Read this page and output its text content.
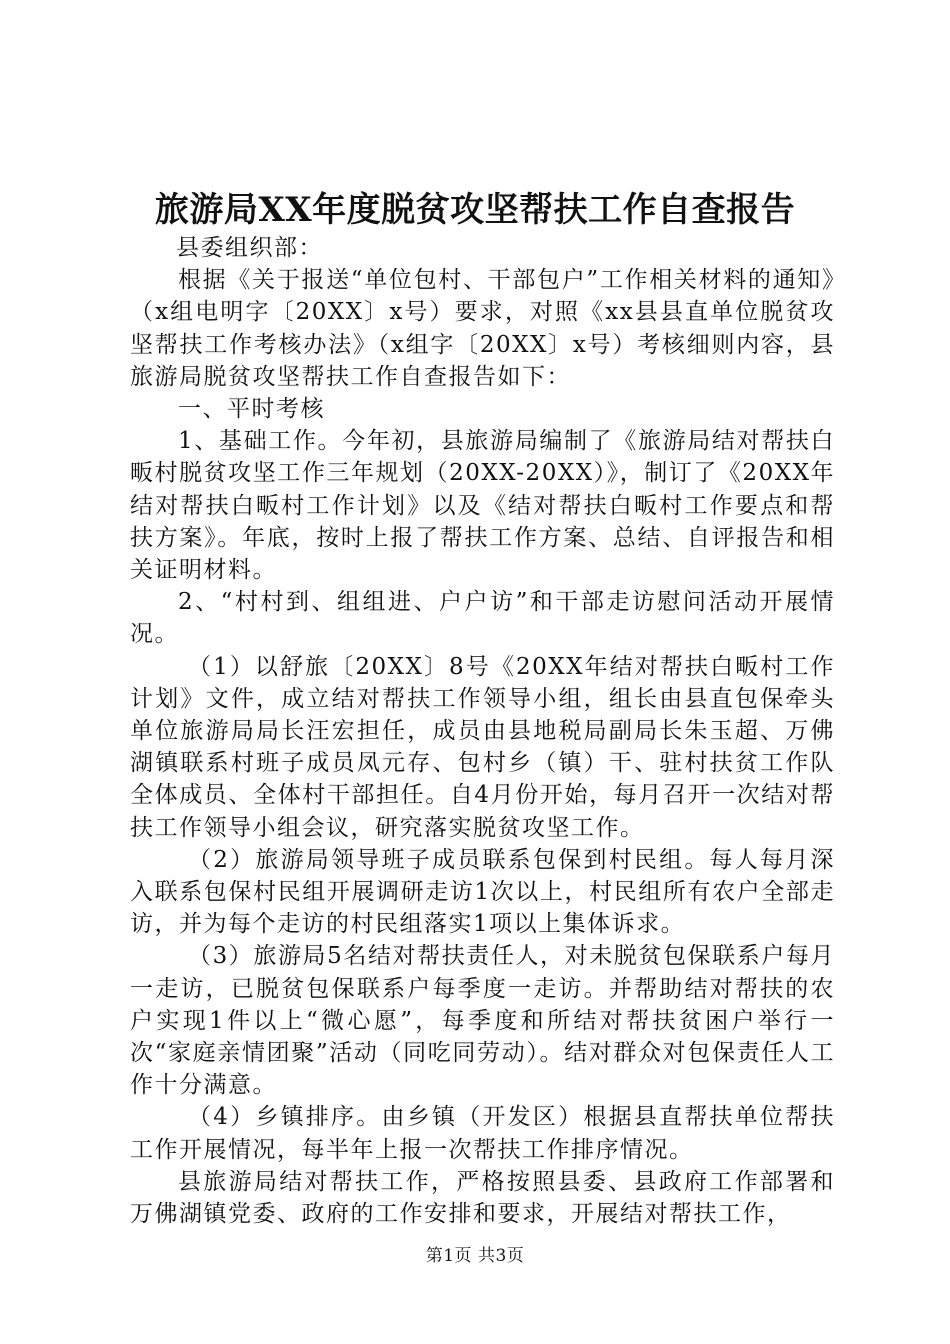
旅游局XX年度脱贫攻坚帮扶工作自查报告

县委组织部：

根据《关于报送“单位包村、干部包户”工作相关材料的通知》（x组电明字〔20XX〕x号）要求，对照《xx县县直单位脱贫攻坚帮扶工作考核办法》（x组字〔20XX〕x号）考核细则内容，县旅游局脱贫攻坚帮扶工作自查报告如下：

一、平时考核

1、基础工作。今年初，县旅游局编制了《旅游局结对帮扶白畈村脱贫攻坚工作三年规划（20XX-20XX）》，制订了《20XX年结对帮扶白畈村工作计划》以及《结对帮扶白畈村工作要点和帮扶方案》。年底，按时上报了帮扶工作方案、总结、自评报告和相关证明材料。

2、“村村到、组组进、户户访”和干部走访慰问活动开展情况。

（1）以舒旅〔20XX〕8号《20XX年结对帮扶白畈村工作计划》文件，成立结对帮扶工作领导小组，组长由县直包保牵头单位旅游局局长汪宏担任，成员由县地税局副局长朱玉超、万佛湖镇联系村班子成员凤元存、包村乡（镇）干、驻村扶贫工作队全体成员、全体村干部担任。自4月份开始，每月召开一次结对帮扶工作领导小组会议，研究落实脱贫攻坚工作。

（2）旅游局领导班子成员联系包保到村民组。每人每月深入联系包保村民组开展调研走访1次以上，村民组所有农户全部走访，并为每个走访的村民组落实1项以上集体诉求。

（3）旅游局5名结对帮扶责任人，对未脱贫包保联系户每月一走访，已脱贫包保联系户每季度一走访。并帮助结对帮扶的农户实现1件以上“微心愿”，每季度和所结对帮扶贫困户举行一次“家庭亲情团聚”活动（同吃同劳动）。结对群众对包保责任人工作十分满意。

（4）乡镇排序。由乡镇（开发区）根据县直帮扶单位帮扶工作开展情况，每半年上报一次帮扶工作排序情况。

县旅游局结对帮扶工作，严格按照县委、县政府工作部署和万佛湖镇党委、政府的工作安排和要求，开展结对帮扶工作，

第1页 共3页
